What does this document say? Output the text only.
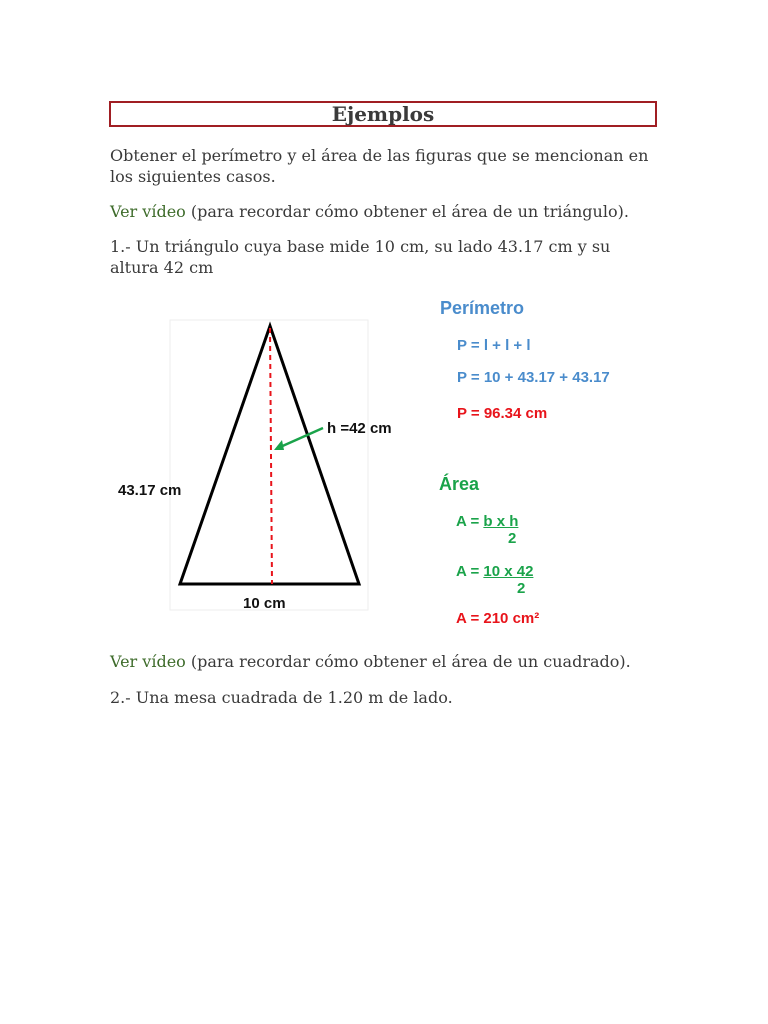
Ejemplos
Obtener el perímetro y el área de las figuras que se mencionan en los siguientes casos.
Ver vídeo (para recordar cómo obtener el área de un triángulo).
1.- Un triángulo cuya base mide 10 cm, su lado 43.17 cm y su altura 42 cm
43.17 cm
h =42 cm
10 cm
Perímetro
P = l + l + l
P = 10 + 43.17 + 43.17
P = 96.34 cm
Área
A = b x h
2
A = 10 x 42
2
A = 210 cm²
Ver vídeo (para recordar cómo obtener el área de un cuadrado).
2.- Una mesa cuadrada de 1.20 m de lado.
